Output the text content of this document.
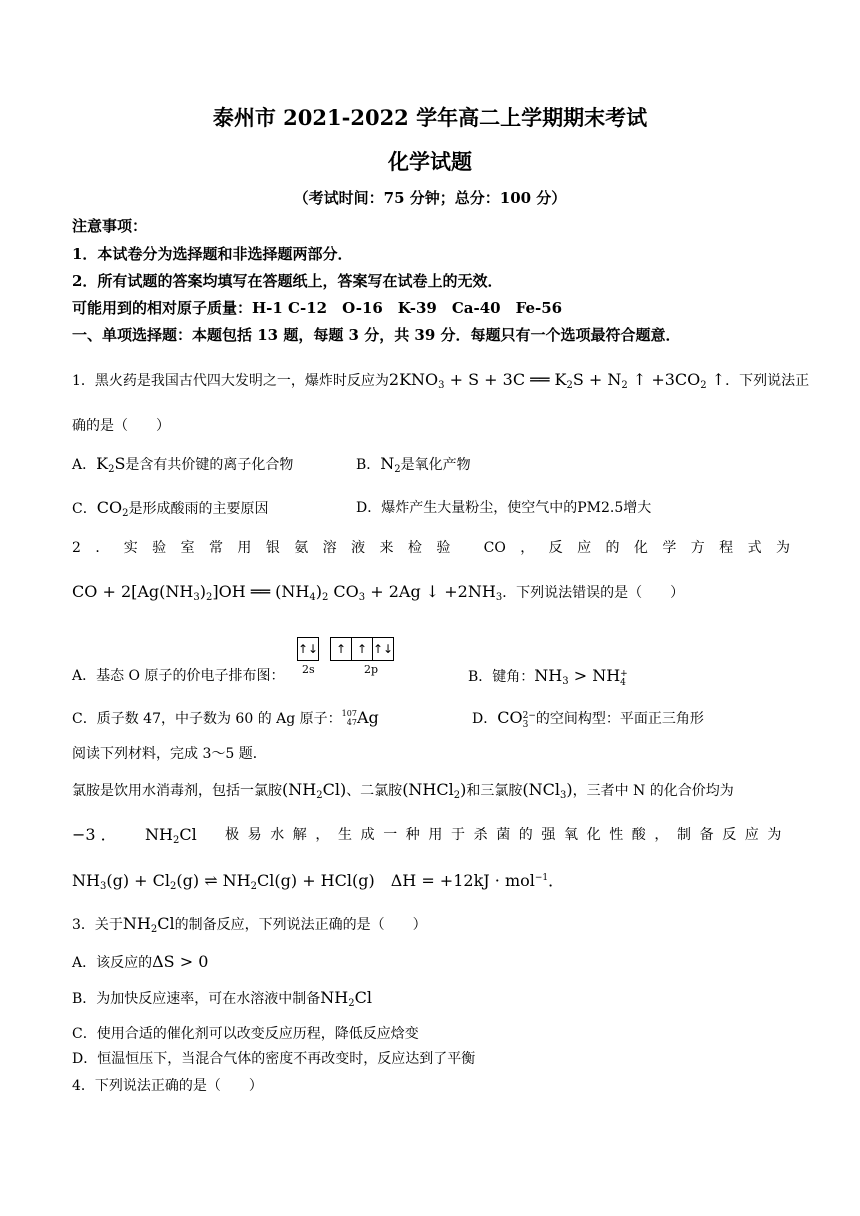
泰州市 2021-2022 学年高二上学期期末考试
化学试题
（考试时间：75 分钟；总分：100 分）
注意事项：
1．本试卷分为选择题和非选择题两部分．
2．所有试题的答案均填写在答题纸上，答案写在试卷上的无效．
可能用到的相对原子质量：H-1 C-12　O-16　K-39　Ca-40　Fe-56
一、单项选择题：本题包括 13 题，每题 3 分，共 39 分．每题只有一个选项最符合题意．
1．黑火药是我国古代四大发明之一，爆炸时反应为$2KNO_3 + S + 3C$ ══ $K_2S + N_2$ ↑ $+3CO_2$ ↑．下列说法正
确的是（　　）
A．$K_2S$是含有共价键的离子化合物	B．$N_2$是氧化产物
C．$CO_2$是形成酸雨的主要原因	D．爆炸产生大量粉尘，使空气中的PM2.5增大
2．实验室常用银氨溶液来检验 CO，反应的化学方程式为
CO + $2[Ag(NH_3)_2]OH$ ══ $(NH_4)_2$ $CO_3 + 2Ag$ ↓ $+2NH_3$．下列说法错误的是（　　）
↑↓	↑ ↑ ↑↓
2s	2p
A．基态 O 原子的价电子排布图：	B．键角：$NH_3 > NH+$
4
C．质子数 47，中子数为 60 的 Ag 原子：107
47Ag	D．CO2−
3 的空间构型：平面正三角形
阅读下列材料，完成 3～5 题．
氯胺是饮用水消毒剂，包括一氯胺$(NH_2Cl)$、二氯胺(NHCl$_2$)和三氯胺(NCl$_3$)，三者中 N 的化合价均为
−3 ． $NH_2Cl$ 极易水解，生成一种用于杀菌的强氧化性酸，制备反应为
$NH_3(g) + Cl_2(g)$ ⇌ $NH_2Cl(g) + HCl(g)$　ΔH = +12kJ · mol$^{-1}$．
3．关于$NH_2Cl$的制备反应，下列说法正确的是（　　）
A．该反应的ΔS > 0
B．为加快反应速率，可在水溶液中制备$NH_2Cl$
C．使用合适的催化剂可以改变反应历程，降低反应焓变
D．恒温恒压下，当混合气体的密度不再改变时，反应达到了平衡
4．下列说法正确的是（　　）
